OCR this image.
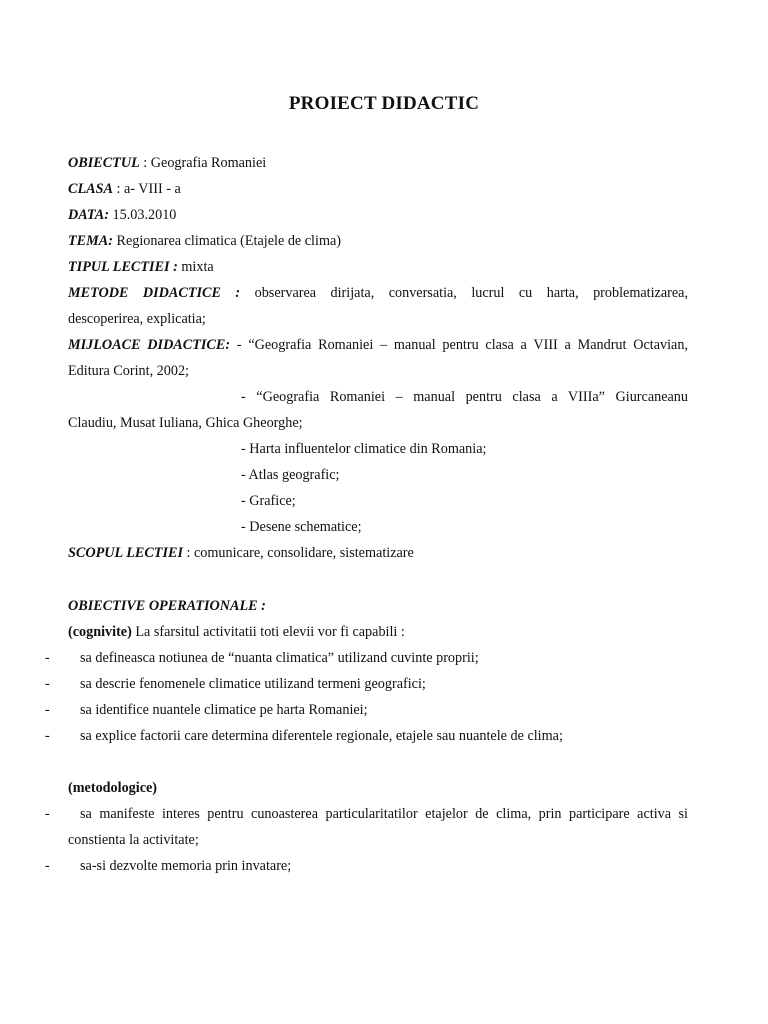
PROIECT DIDACTIC
OBIECTUL : Geografia Romaniei
CLASA : a- VIII - a
DATA: 15.03.2010
TEMA: Regionarea climatica (Etajele de clima)
TIPUL LECTIEI : mixta
METODE DIDACTICE : observarea dirijata, conversatia, lucrul cu harta, problematizarea,
descoperirea, explicatia;
MIJLOACE DIDACTICE: - “Geografia Romaniei – manual pentru clasa a VIII a Mandrut Octavian,
Editura Corint, 2002;
- “Geografia Romaniei – manual pentru clasa a VIIIa” Giurcaneanu
Claudiu, Musat Iuliana, Ghica Gheorghe;
- Harta influentelor climatice din Romania;
- Atlas geografic;
- Grafice;
- Desene schematice;
SCOPUL LECTIEI : comunicare, consolidare, sistematizare
OBIECTIVE OPERATIONALE :
(cognivite) La sfarsitul activitatii toti elevii vor fi capabili :
- sa defineasca notiunea de “nuanta climatica” utilizand cuvinte proprii;
- sa descrie fenomenele climatice utilizand termeni geografici;
- sa identifice nuantele climatice pe harta Romaniei;
- sa explice factorii care determina diferentele regionale, etajele sau nuantele de clima;
(metodologice)
- sa manifeste interes pentru cunoasterea particularitatilor etajelor de clima, prin participare activa si
constienta la activitate;
- sa-si dezvolte memoria prin invatare;
